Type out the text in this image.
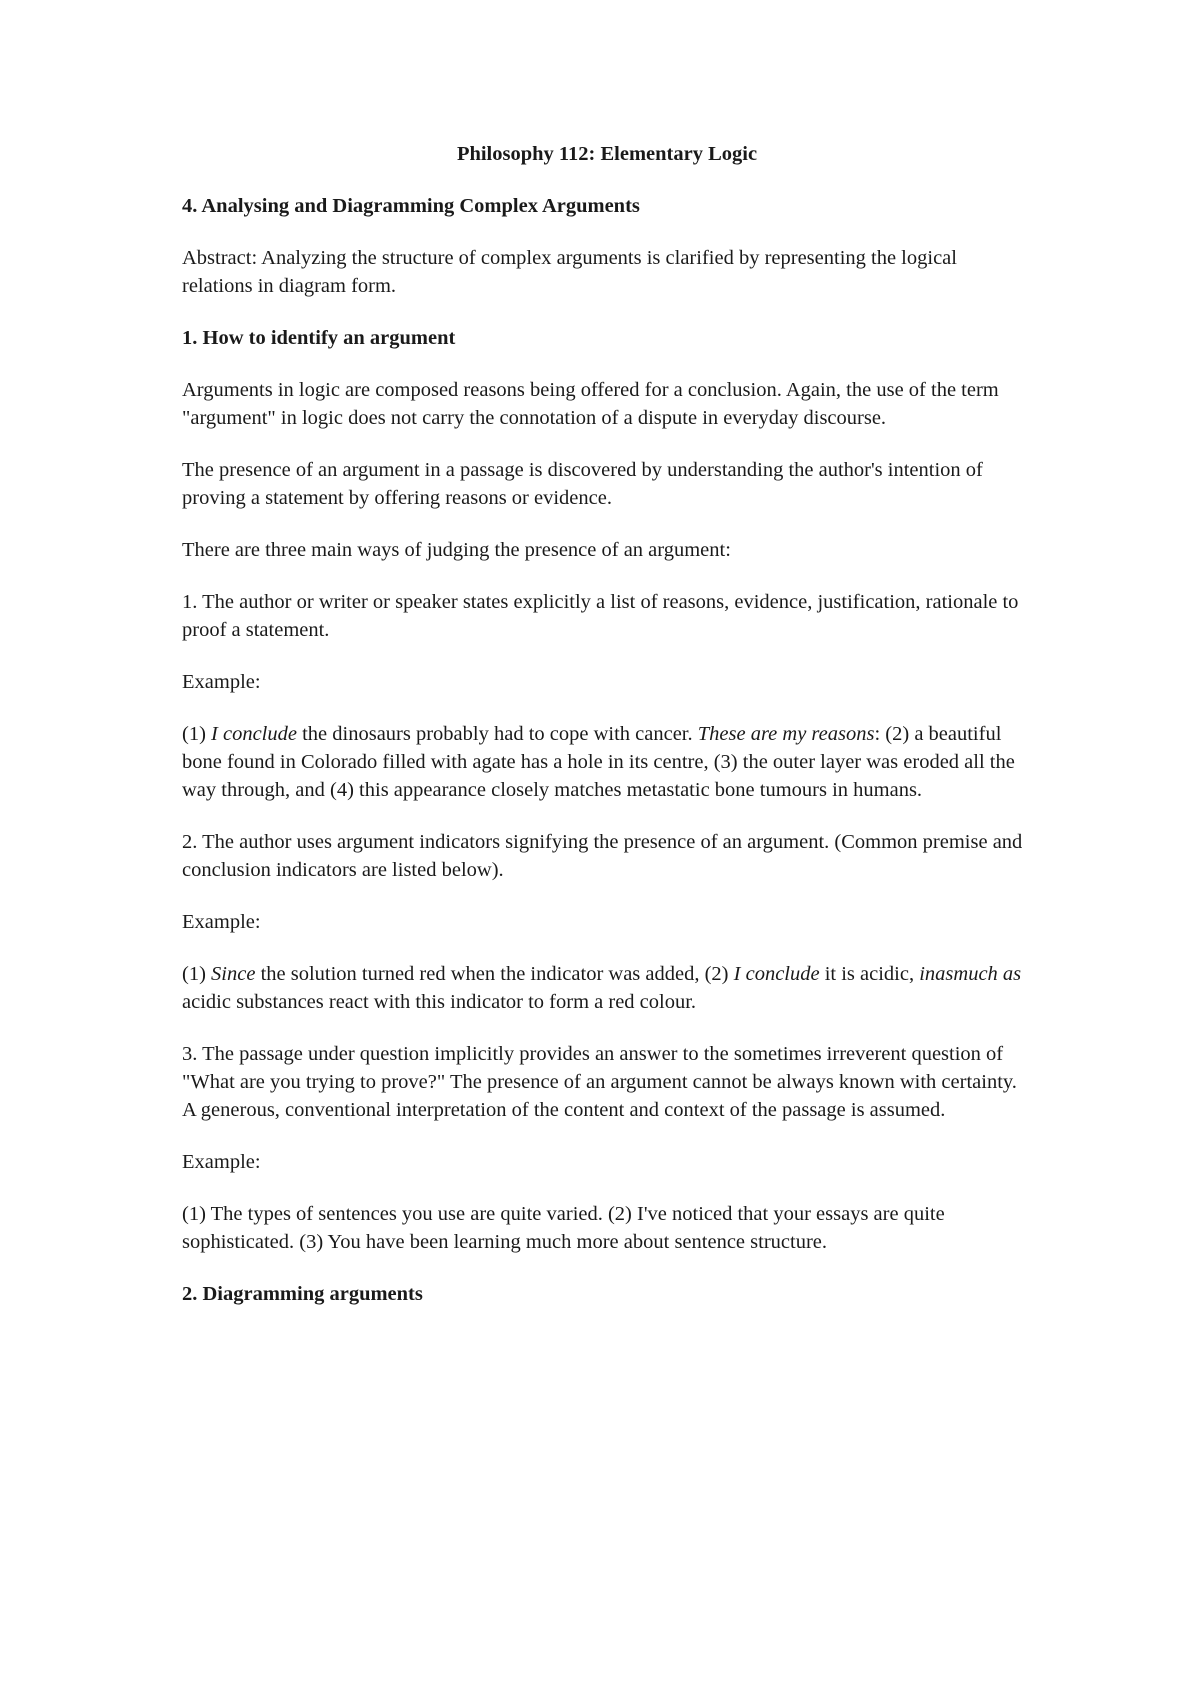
Philosophy 112: Elementary Logic

4. Analysing and Diagramming Complex Arguments

Abstract: Analyzing the structure of complex arguments is clarified by representing the logical relations in diagram form.

1. How to identify an argument

Arguments in logic are composed reasons being offered for a conclusion. Again, the use of the term "argument" in logic does not carry the connotation of a dispute in everyday discourse.

The presence of an argument in a passage is discovered by understanding the author's intention of proving a statement by offering reasons or evidence.

There are three main ways of judging the presence of an argument:

1. The author or writer or speaker states explicitly a list of reasons, evidence, justification, rationale to proof a statement.

Example:

(1) I conclude the dinosaurs probably had to cope with cancer. These are my reasons: (2) a beautiful bone found in Colorado filled with agate has a hole in its centre, (3) the outer layer was eroded all the way through, and (4) this appearance closely matches metastatic bone tumours in humans.

2. The author uses argument indicators signifying the presence of an argument. (Common premise and conclusion indicators are listed below).

Example:

(1) Since the solution turned red when the indicator was added, (2) I conclude it is acidic, inasmuch as acidic substances react with this indicator to form a red colour.

3. The passage under question implicitly provides an answer to the sometimes irreverent question of "What are you trying to prove?" The presence of an argument cannot be always known with certainty. A generous, conventional interpretation of the content and context of the passage is assumed.

Example:

(1) The types of sentences you use are quite varied. (2) I've noticed that your essays are quite sophisticated. (3) You have been learning much more about sentence structure.

2. Diagramming arguments
